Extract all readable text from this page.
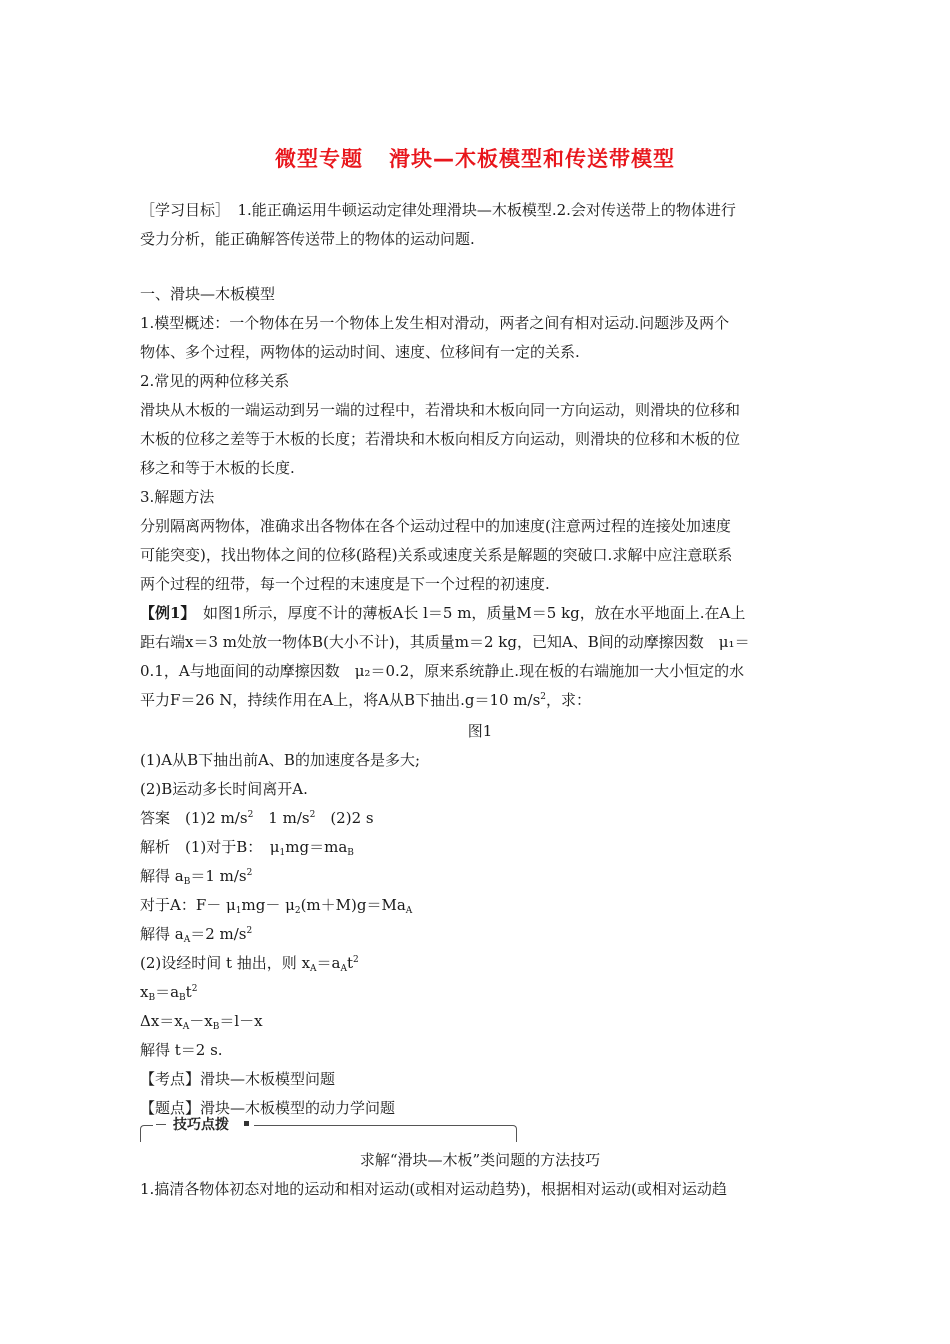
微型专题 滑块—木板模型和传送带模型
［学习目标］　1.能正确运用牛顿运动定律处理滑块—木板模型.2.会对传送带上的物体进行
受力分析，能正确解答传送带上的物体的运动问题.
一、滑块—木板模型
1.模型概述：一个物体在另一个物体上发生相对滑动，两者之间有相对运动.问题涉及两个
物体、多个过程，两物体的运动时间、速度、位移间有一定的关系.
2.常见的两种位移关系
滑块从木板的一端运动到另一端的过程中，若滑块和木板向同一方向运动，则滑块的位移和
木板的位移之差等于木板的长度；若滑块和木板向相反方向运动，则滑块的位移和木板的位
移之和等于木板的长度.
3.解题方法
分别隔离两物体，准确求出各物体在各个运动过程中的加速度(注意两过程的连接处加速度
可能突变)，找出物体之间的位移(路程)关系或速度关系是解题的突破口.求解中应注意联系
两个过程的纽带，每一个过程的末速度是下一个过程的初速度.
【例1】　如图1所示，厚度不计的薄板A长 l＝5 m，质量M＝5 kg，放在水平地面上.在A上
距右端x＝3 m处放一物体B(大小不计)，其质量m＝2 kg，已知A、B间的动摩擦因数　μ₁＝
0.1，A与地面间的动摩擦因数　μ₂＝0.2，原来系统静止.现在板的右端施加一大小恒定的水
平力F＝26 N，持续作用在A上，将A从B下抽出.g＝10 $m/s^2$，求：
图1
(1)A从B下抽出前A、B的加速度各是多大;
(2)B运动多长时间离开A.
答案　(1)2 $m/s^2$　1 $m/s^2$　(2)2 s
解析　(1)对于B：　$\mu_1mg=ma_B$
解得 $a_B=1$ $m/s^2$
对于A：$F- \mu_1mg- \mu_2(m+M)g=Ma_A$
解得 $a_A=2$ $m/s^2$
(2)设经时间 t 抽出，则 $x_A=a_At^2$
$x_B=a_Bt^2$
$\Delta x=x_A-x_B=l-x$
解得 t＝2 s.
【考点】滑块—木板模型问题
【题点】滑块—木板模型的动力学问题
技巧点拨
求解“滑块—木板”类问题的方法技巧
1.搞清各物体初态对地的运动和相对运动(或相对运动趋势)，根据相对运动(或相对运动趋
